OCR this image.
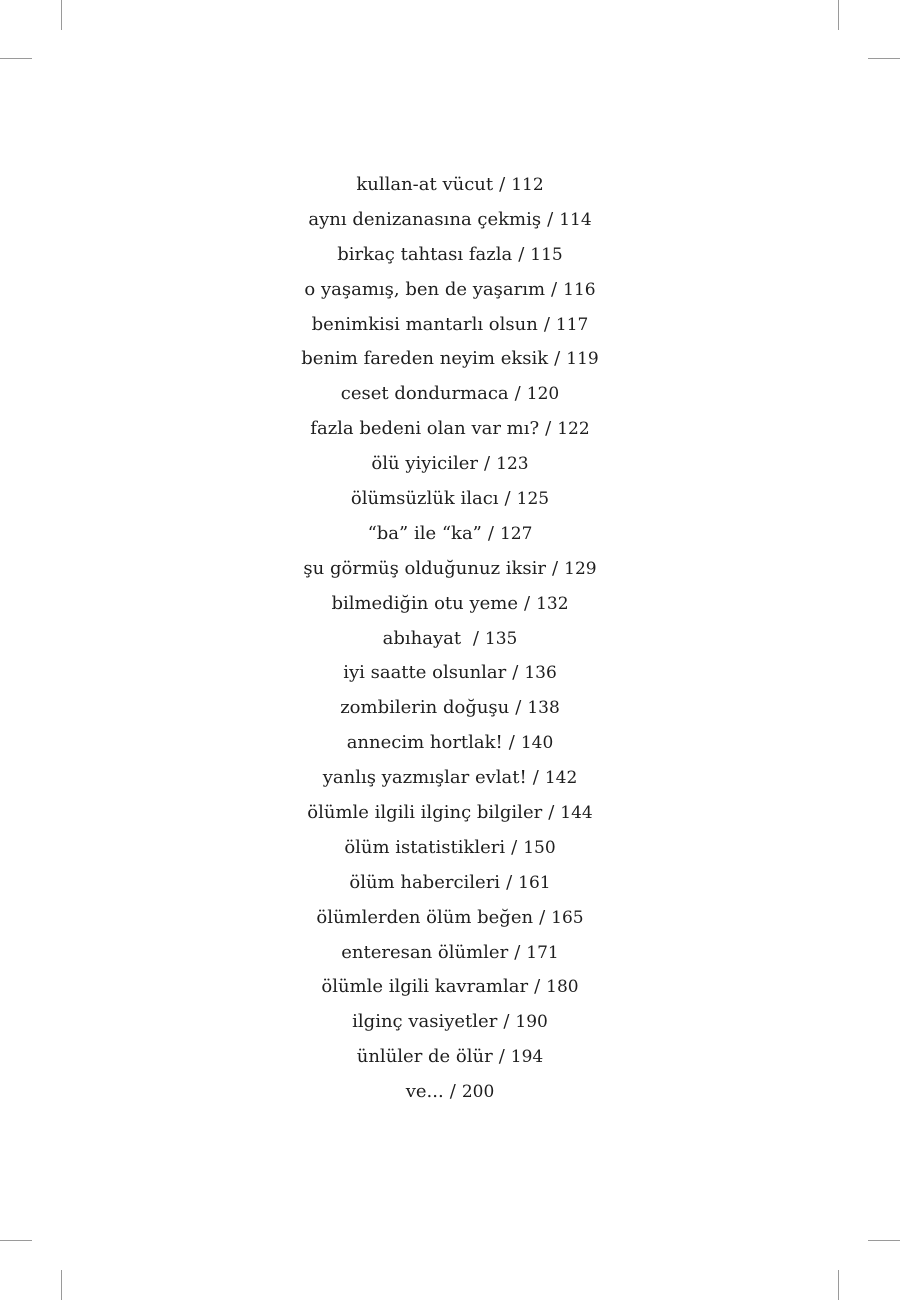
kullan-at vücut / 112
aynı denizanasına çekmiş / 114
birkaç tahtası fazla / 115
o yaşamış, ben de yaşarım / 116
benimkisi mantarlı olsun / 117
benim fareden neyim eksik / 119
ceset dondurmaca / 120
fazla bedeni olan var mı? / 122
ölü yiyiciler / 123
ölümsüzlük ilacı / 125
“ba” ile “ka” / 127
şu görmüş olduğunuz iksir / 129
bilmediğin otu yeme / 132
abıhayat / 135
iyi saatte olsunlar / 136
zombilerin doğuşu / 138
annecim hortlak! / 140
yanlış yazmışlar evlat! / 142
ölümle ilgili ilginç bilgiler / 144
ölüm istatistikleri / 150
ölüm habercileri / 161
ölümlerden ölüm beğen / 165
enteresan ölümler / 171
ölümle ilgili kavramlar / 180
ilginç vasiyetler / 190
ünlüler de ölür / 194
ve... / 200
